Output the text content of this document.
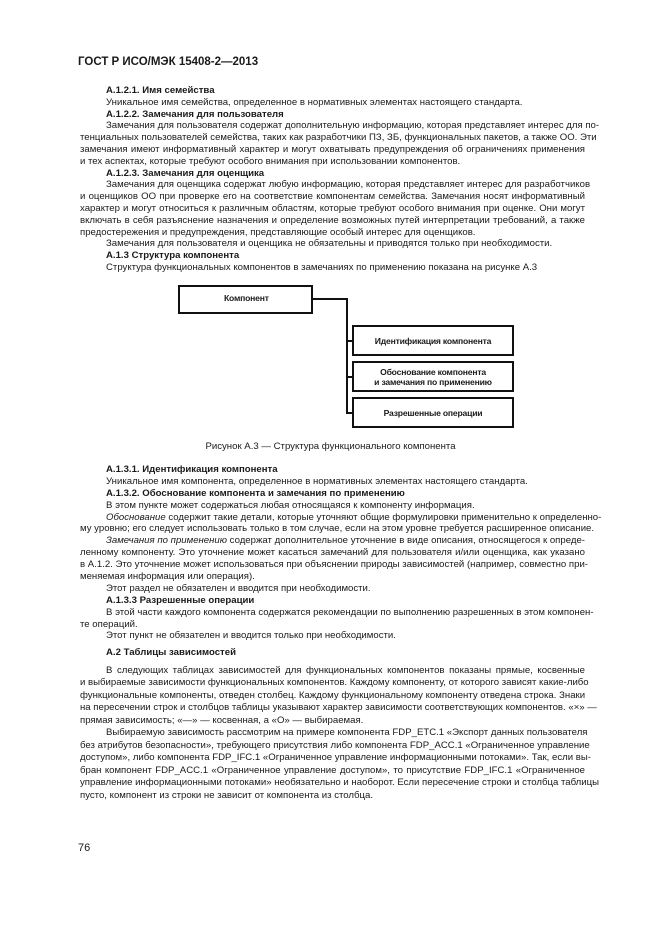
ГОСТ Р ИСО/МЭК 15408-2—2013
А.1.2.1. Имя семейства
Уникальное имя семейства, определенное в нормативных элементах настоящего стандарта.
А.1.2.2. Замечания для пользователя
Замечания для пользователя содержат дополнительную информацию, которая представляет интерес для по-
тенциальных пользователей семейства, таких как разработчики ПЗ, ЗБ, функциональных пакетов, а также ОО. Эти
замечания имеют информативный характер и могут охватывать предупреждения об ограничениях применения
и тех аспектах, которые требуют особого внимания при использовании компонентов.
А.1.2.3. Замечания для оценщика
Замечания для оценщика содержат любую информацию, которая представляет интерес для разработчиков
и оценщиков ОО при проверке его на соответствие компонентам семейства. Замечания носят информативный
характер и могут относиться к различным областям, которые требуют особого внимания при оценке. Они могут
включать в себя разъяснение назначения и определение возможных путей интерпретации требований, а также
предостережения и предупреждения, представляющие особый интерес для оценщиков.
Замечания для пользователя и оценщика не обязательны и приводятся только при необходимости.
А.1.3 Структура компонента
Структура функциональных компонентов в замечаниях по применению показана на рисунке А.3
Компонент
Идентификация компонента
Обоснование компонента
и замечания по применению
Разрешенные операции
Рисунок А.3 — Структура функционального компонента
А.1.3.1. Идентификация компонента
Уникальное имя компонента, определенное в нормативных элементах настоящего стандарта.
А.1.3.2. Обоснование компонента и замечания по применению
В этом пункте может содержаться любая относящаяся к компоненту информация.
Обоснование содержит такие детали, которые уточняют общие формулировки применительно к определенно-
му уровню; его следует использовать только в том случае, если на этом уровне требуется расширенное описание.
Замечания по применению содержат дополнительное уточнение в виде описания, относящегося к опреде-
ленному компоненту. Это уточнение может касаться замечаний для пользователя и/или оценщика, как указано
в А.1.2. Это уточнение может использоваться при объяснении природы зависимостей (например, совместно при-
меняемая информация или операция).
Этот раздел не обязателен и вводится при необходимости.
А.1.3.3 Разрешенные операции
В этой части каждого компонента содержатся рекомендации по выполнению разрешенных в этом компонен-
те операций.
Этот пункт не обязателен и вводится только при необходимости.
А.2 Таблицы зависимостей
В следующих таблицах зависимостей для функциональных компонентов показаны прямые, косвенные
и выбираемые зависимости функциональных компонентов. Каждому компоненту, от которого зависят какие-либо
функциональные компоненты, отведен столбец. Каждому функциональному компоненту отведена строка. Знаки
на пересечении строк и столбцов таблицы указывают характер зависимости соответствующих компонентов. «×» —
прямая зависимость; «—» — косвенная, а «О» — выбираемая.
Выбираемую зависимость рассмотрим на примере компонента FDP_ETC.1 «Экспорт данных пользователя
без атрибутов безопасности», требующего присутствия либо компонента FDP_ACC.1 «Ограниченное управление
доступом», либо компонента FDP_IFC.1 «Ограниченное управление информационными потоками». Так, если вы-
бран компонент FDP_ACC.1 «Ограниченное управление доступом», то присутствие FDP_IFC.1 «Ограниченное
управление информационными потоками» необязательно и наоборот. Если пересечение строки и столбца таблицы
пусто, компонент из строки не зависит от компонента из столбца.
76
